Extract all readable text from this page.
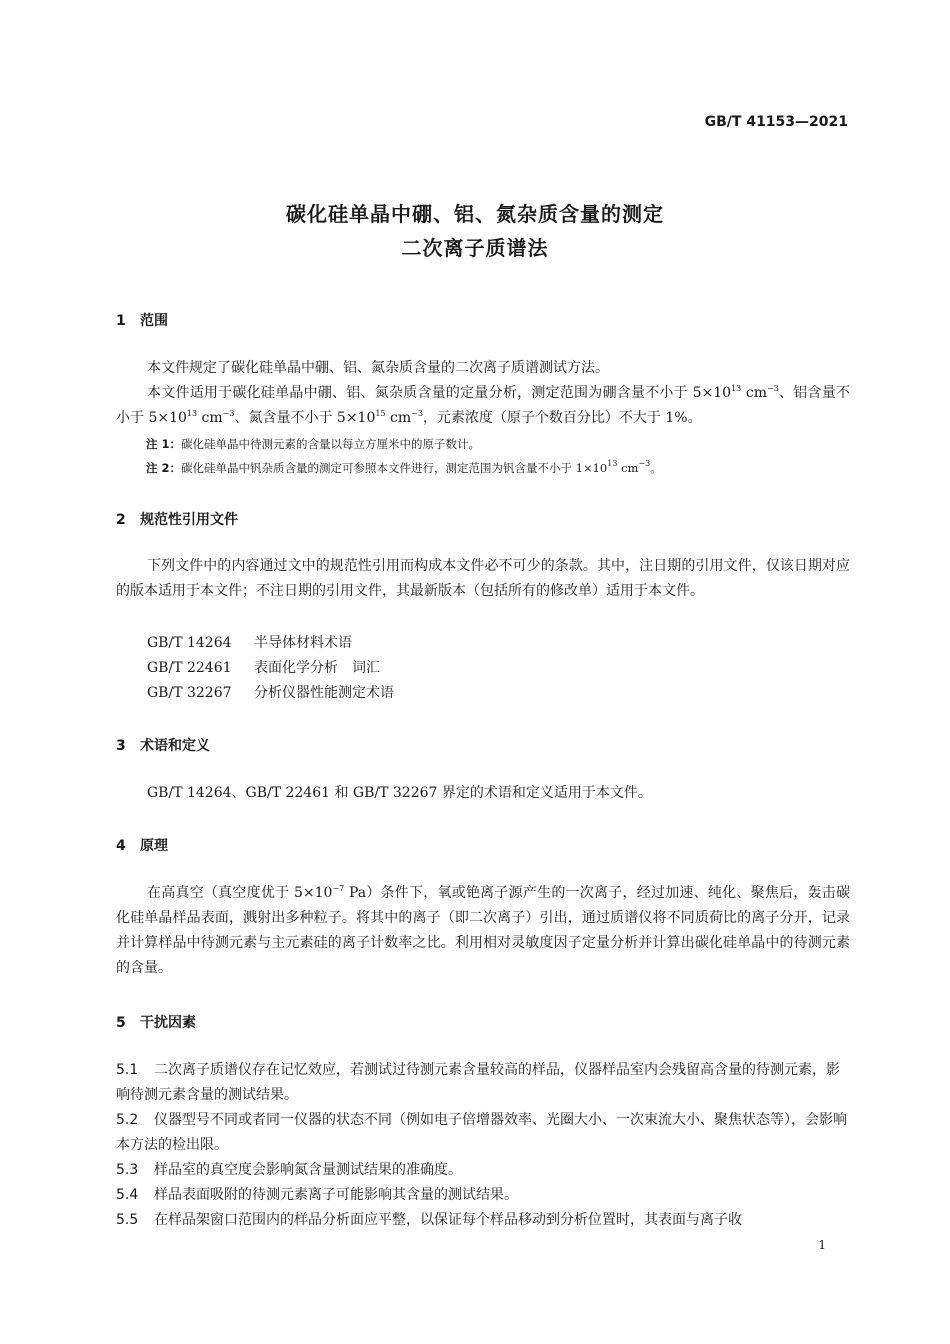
GB/T 41153—2021
碳化硅单晶中硼、铝、氮杂质含量的测定
二次离子质谱法
1 范围
本文件规定了碳化硅单晶中硼、铝、氮杂质含量的二次离子质谱测试方法。
本文件适用于碳化硅单晶中硼、铝、氮杂质含量的定量分析，测定范围为硼含量不小于 $5\times 10^{13}$ $cm^{-3}$、铝含量不小于 $5\times 10^{13}$ $cm^{-3}$、氮含量不小于 $5\times 10^{15}$ $cm^{-3}$，元素浓度（原子个数百分比）不大于 1%。
注 1：碳化硅单晶中待测元素的含量以每立方厘米中的原子数计。
注 2：碳化硅单晶中钒杂质含量的测定可参照本文件进行，测定范围为钒含量不小于 $1\times 10^{13}$ $cm^{-3}$。
2 规范性引用文件
下列文件中的内容通过文中的规范性引用而构成本文件必不可少的条款。其中，注日期的引用文件，仅该日期对应的版本适用于本文件；不注日期的引用文件，其最新版本（包括所有的修改单）适用于本文件。
GB/T 14264 半导体材料术语
GB/T 22461 表面化学分析　词汇
GB/T 32267 分析仪器性能测定术语
3 术语和定义
GB/T 14264、GB/T 22461 和 GB/T 32267 界定的术语和定义适用于本文件。
4 原理
在高真空（真空度优于 $5\times 10^{-7}$ Pa）条件下，氧或铯离子源产生的一次离子，经过加速、纯化、聚焦后，轰击碳化硅单晶样品表面，溅射出多种粒子。将其中的离子（即二次离子）引出，通过质谱仪将不同质荷比的离子分开，记录并计算样品中待测元素与主元素硅的离子计数率之比。利用相对灵敏度因子定量分析并计算出碳化硅单晶中的待测元素的含量。
5 干扰因素
5.1 二次离子质谱仪存在记忆效应，若测试过待测元素含量较高的样品，仪器样品室内会残留高含量的待测元素，影响待测元素含量的测试结果。
5.2 仪器型号不同或者同一仪器的状态不同（例如电子倍增器效率、光圈大小、一次束流大小、聚焦状态等），会影响本方法的检出限。
5.3 样品室的真空度会影响氮含量测试结果的准确度。
5.4 样品表面吸附的待测元素离子可能影响其含量的测试结果。
5.5 在样品架窗口范围内的样品分析面应平整，以保证每个样品移动到分析位置时，其表面与离子收
1
